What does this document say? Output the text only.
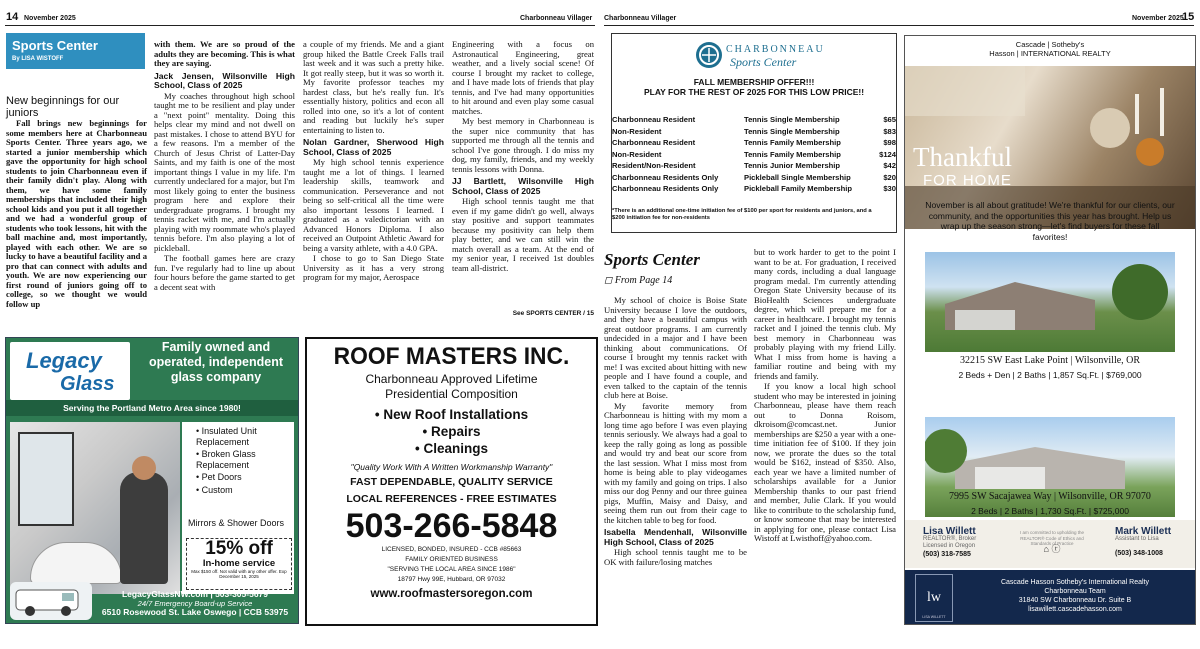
14 November 2025	Charbonneau Villager Charbonneau Villager	November 2025
15
Sports Center
By LISA WISTOFF
New beginnings for our juniors

Fall brings new beginnings for some members here at Charbonneau Sports Center. Three years ago, we started a junior membership which gave the opportunity for high school students to join Charbonneau even if their family didn't play. Along with them, we have some family memberships that included their high school kids and you put it all together and we had a wonderful group of students who took lessons, hit with the ball machine and, most importantly, played with each other. We are so lucky to have a beautiful facility and a pro that can connect with adults and youth. We are now experiencing our first round of juniors going off to college, so we thought we would follow up

with them. We are so proud of the adults they are becoming. This is what they are saying.

Jack Jensen, Wilsonville High School, Class of 2025

My coaches throughout high school taught me to be resilient and play under a "next point" mentality. Doing this helps clear my mind and not dwell on past mistakes. I chose to attend BYU for a few reasons. I'm a member of the Church of Jesus Christ of Latter-Day Saints, and my faith is one of the most important things I value in my life. I'm currently undeclared for a major, but I'm most likely going to enter the business program here and explore their undergraduate programs. I brought my tennis racket with me, and I'm actually playing with my roommate who's played tennis before. I'm also playing a lot of pickleball.

The football games here are crazy fun. I've regularly had to line up about four hours before the game started to get a decent seat with

a couple of my friends. Me and a giant group hiked the Battle Creek Falls trail last week and it was such a pretty hike. It got really steep, but it was so worth it. My favorite professor teaches my hardest class, but he's really fun. It's essentially history, politics and econ all rolled into one, so it's a lot of content and reading but luckily he's super entertaining to listen to.

Nolan Gardner, Sherwood High School, Class of 2025

My high school tennis experience taught me a lot of things. I learned leadership skills, teamwork and communication. Perseverance and not being so self-critical all the time were also important lessons I learned. I graduated as a valedictorian with an Advanced Honors Diploma. I also received an Outpoint Athletic Award for being a varsity athlete, with a 4.0 GPA.

I chose to go to San Diego State University as it has a very strong program for my major, Aerospace

Engineering with a focus on Astronautical Engineering, great weather, and a lively social scene! Of course I brought my racket to college, and I have made lots of friends that play tennis, and I've had many opportunities to hit around and even play some casual matches.

My best memory in Charbonneau is the super nice community that has supported me through all the tennis and school I've gone through. I do miss my dog, my family, friends, and my weekly tennis lessons with Donna.

JJ Bartlett, Wilsonville High School, Class of 2025

High school tennis taught me that even if my game didn't go well, always stay positive and support teammates because my positivity can help them play better, and we can still win the match overall as a team. At the end of my senior year, I received 1st doubles team all-district.

See SPORTS CENTER / 15
Legacy
Glass
Family owned and operated, independent glass company
Serving the Portland Metro Area since 1980!
• Insulated Unit Replacement
• Broken Glass Replacement
• Pet Doors
• Custom
Mirrors & Shower Doors
15% off
In-home service
Max $150 off. Not valid with any other offer. Exp December 15, 2025
LegacyGlassNW.com | 503-305-5679
24/7 Emergency Board-up Service
6510 Rosewood St. Lake Oswego | CCB 53975
ROOF MASTERS INC.
Charbonneau Approved Lifetime
Presidential Composition
• New Roof Installations
• Repairs
• Cleanings
"Quality Work With A Written Workmanship Warranty"
FAST DEPENDABLE, QUALITY SERVICE
LOCAL REFERENCES - FREE ESTIMATES
503-266-5848
LICENSED, BONDED, INSURED - CCB #85663
FAMILY ORIENTED BUSINESS
"SERVING THE LOCAL AREA SINCE 1986"
18797 Hwy 99E, Hubbard, OR 97032
www.roofmastersoregon.com
CHARBONNEAU
Sports Center
FALL MEMBERSHIP OFFER!!!
PLAY FOR THE REST OF 2025 FOR THIS LOW PRICE!!
Charbonneau Resident	Tennis Single Membership	$65
Non-Resident	Tennis Single Membership	$83
Charbonneau Resident	Tennis Family Membership	$98
Non-Resident	Tennis Family Membership	$124
Resident/Non-Resident	Tennis Junior Membership	$42
Charbonneau Residents Only	Pickleball Single Membership	$20
Charbonneau Residents Only	Pickleball Family Membership	$30
*There is an additional one-time initiation fee of $100 per sport for residents and juniors, and a $200 initiation fee for non-residents
Sports Center
◻ From Page 14

My school of choice is Boise State University because I love the outdoors, and they have a beautiful campus with great outdoor programs. I am currently undecided in a major and I have been thinking about communications. Of course I brought my tennis racket with me! I was excited about hitting with new people and I have found a couple, and even talked to the captain of the tennis club here at Boise.

My favorite memory from Charbonneau is hitting with my mom a long time ago before I was even playing tennis seriously. We always had a goal to keep the rally going as long as possible and would try and beat our score from the last session. What I miss most from home is being able to play videogames with my family and going on trips. I also miss our dog Penny and our three guinea pigs, Muffin, Maisy and Daisy, and seeing them run out from their cage to the kitchen table to beg for food.

Isabella Mendenhall, Wilsonville High School, Class of 2025

High school tennis taught me to be OK with failure/losing matches

but to work harder to get to the point I want to be at. For graduation, I received many cords, including a dual language program medal. I'm currently attending Oregon State University because of its BioHealth Sciences undergraduate degree, which will prepare me for a career in healthcare. I brought my tennis racket and I joined the tennis club. My best memory in Charbonneau was probably playing with my friend Lilly. What I miss from home is having a familiar routine and being with my friends and family.

If you know a local high school student who may be interested in joining Charbonneau, please have them reach out to Donna Roisom, dkroisom@comcast.net. Junior memberships are $250 a year with a one-time initiation fee of $100. If they join now, we prorate the dues so the total would be $162, instead of $350. Also, each year we have a limited number of scholarships available for a Junior Membership thanks to our past friend and member, Julie Clark. If you would like to contribute to the scholarship fund, or know someone that may be interested in applying for one, please contact Lisa Wistoff at Lwisthoff@yahoo.com.

Cascade | Sotheby's
Hasson | INTERNATIONAL REALTY
Thankful
FOR HOME
November is all about gratitude! We're thankful for our clients, our community, and the opportunities this year has brought. Help us wrap up the season strong—let's find buyers for these fall favorites!
32215 SW East Lake Point | Wilsonville, OR
2 Beds + Den | 2 Baths | 1,857 Sq.Ft. | $769,000
7995 SW Sacajawea Way | Wilsonville, OR 97070
2 Beds | 2 Baths | 1,730 Sq.Ft. | $725,000
Lisa Willett
REALTOR®, Broker
Licensed in Oregon
(503) 318-7585
I am committed to upholding the REALTOR® Code of Ethics and Standards of Practice
⌂ ⓡ
Mark Willett
Assistant to Lisa
(503) 348-1008
lw
LISA WILLETT
Cascade Hasson Sotheby's International Realty
Charbonneau Team
31840 SW Charbonneau Dr. Suite B
lisawillett.cascadehasson.com
